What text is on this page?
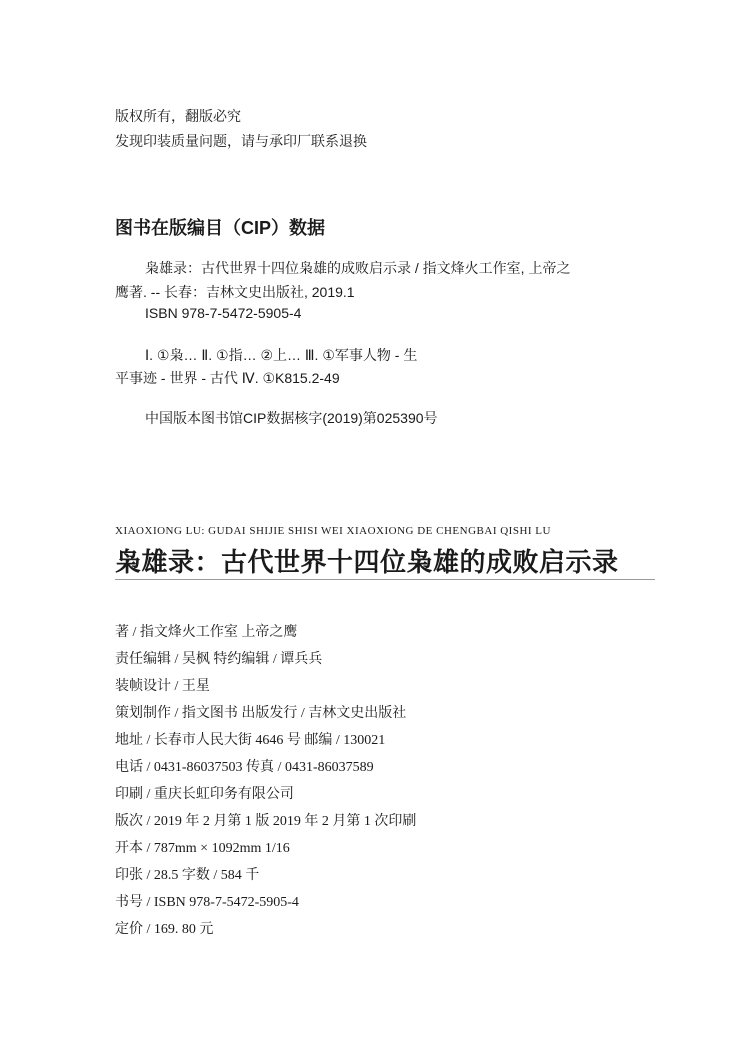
版权所有，翻版必究
发现印装质量问题，请与承印厂联系退换
图书在版编目（CIP）数据
枭雄录：古代世界十四位枭雄的成败启示录 / 指文烽火工作室, 上帝之
鹰著. -- 长春：吉林文史出版社, 2019.1
ISBN 978-7-5472-5905-4
Ⅰ. ①枭… Ⅱ. ①指… ②上… Ⅲ. ①军事人物 - 生
平事迹 - 世界 - 古代 Ⅳ. ①K815.2-49
中国版本图书馆CIP数据核字(2019)第025390号
XIAOXIONG LU: GUDAI SHIJIE SHISI WEI XIAOXIONG DE CHENGBAI QISHI LU
枭雄录：古代世界十四位枭雄的成败启示录
著 / 指文烽火工作室 上帝之鹰
责任编辑 / 吴枫 特约编辑 / 谭兵兵
装帧设计 / 王星
策划制作 / 指文图书 出版发行 / 吉林文史出版社
地址 / 长春市人民大街 4646 号 邮编 / 130021
电话 / 0431-86037503 传真 / 0431-86037589
印刷 / 重庆长虹印务有限公司
版次 / 2019 年 2 月第 1 版 2019 年 2 月第 1 次印刷
开本 / 787mm × 1092mm 1/16
印张 / 28.5 字数 / 584 千
书号 / ISBN 978-7-5472-5905-4
定价 / 169. 80 元
